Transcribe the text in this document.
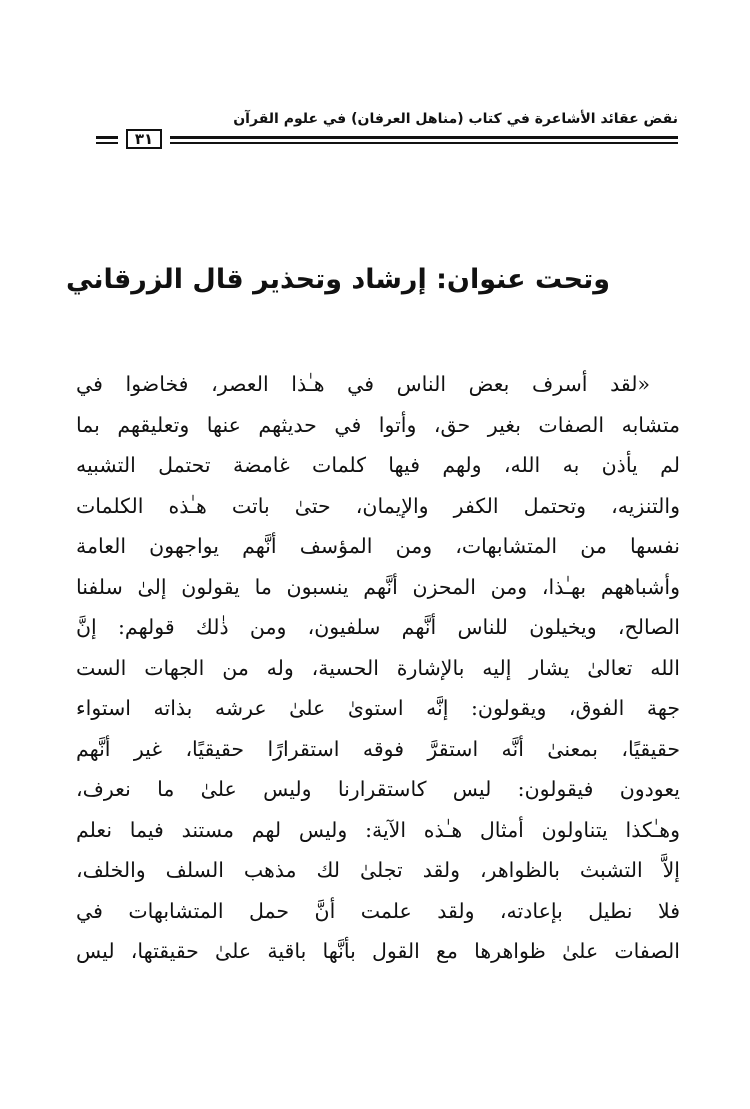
نقض عقائد الأشاعرة في كتاب (مناهل العرفان) في علوم القرآن
٣١
وتحت عنوان: إرشاد وتحذير قال الزرقاني
«لقد أسرف بعض الناس في هـٰذا العصر، فخاضوا في
متشابه الصفات بغير حق، وأتوا في حديثهم عنها وتعليقهم بما
لم يأذن به الله، ولهم فيها كلمات غامضة تحتمل التشبيه
والتنزيه، وتحتمل الكفر والإيمان، حتىٰ باتت هـٰذه الكلمات
نفسها من المتشابهات، ومن المؤسف أنَّهم يواجهون العامة
وأشباههم بهـٰذا، ومن المحزن أنَّهم ينسبون ما يقولون إلىٰ سلفنا
الصالح، ويخيلون للناس أنَّهم سلفيون، ومن ذٰلك قولهم: إنَّ
الله تعالىٰ يشار إليه بالإشارة الحسية، وله من الجهات الست
جهة الفوق، ويقولون: إنَّه استوىٰ علىٰ عرشه بذاته استواء
حقيقيًا، بمعنىٰ أنَّه استقرَّ فوقه استقرارًا حقيقيًا، غير أنَّهم
يعودون فيقولون: ليس كاستقرارنا وليس علىٰ ما نعرف،
وهـٰكذا يتناولون أمثال هـٰذه الآية: وليس لهم مستند فيما نعلم
إلاَّ التشبث بالظواهر، ولقد تجلىٰ لك مذهب السلف والخلف،
فلا نطيل بإعادته، ولقد علمت أنَّ حمل المتشابهات في
الصفات علىٰ ظواهرها مع القول بأنَّها باقية علىٰ حقيقتها، ليس
